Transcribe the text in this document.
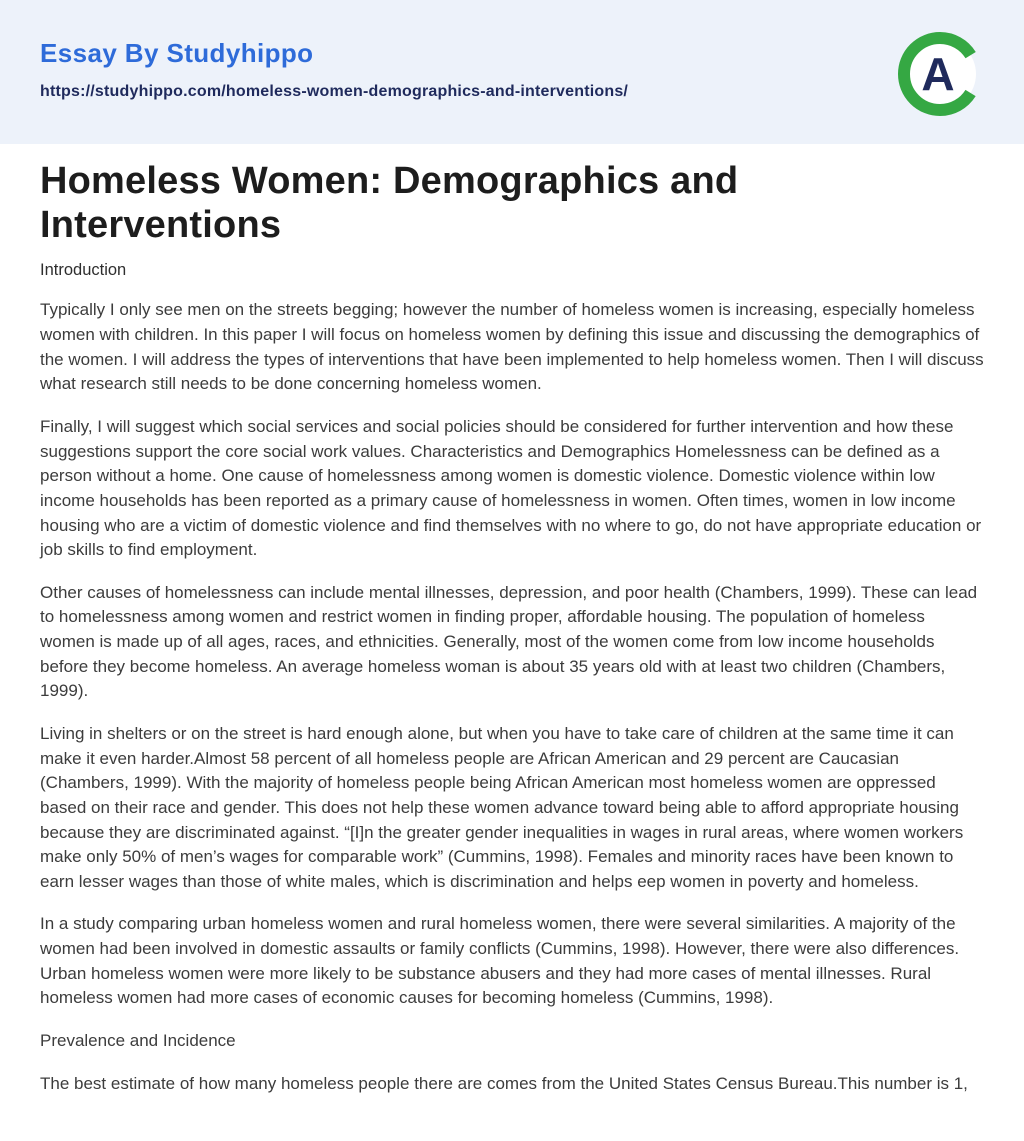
Essay By Studyhippo
https://studyhippo.com/homeless-women-demographics-and-interventions/	A
Homeless Women: Demographics and Interventions

Introduction

Typically I only see men on the streets begging; however the number of homeless women is increasing, especially homeless women with children. In this paper I will focus on homeless women by defining this issue and discussing the demographics of the women. I will address the types of interventions that have been implemented to help homeless women. Then I will discuss what research still needs to be done concerning homeless women.

Finally, I will suggest which social services and social policies should be considered for further intervention and how these suggestions support the core social work values. Characteristics and Demographics Homelessness can be defined as a person without a home. One cause of homelessness among women is domestic violence. Domestic violence within low income households has been reported as a primary cause of homelessness in women. Often times, women in low income housing who are a victim of domestic violence and find themselves with no where to go, do not have appropriate education or job skills to find employment.

Other causes of homelessness can include mental illnesses, depression, and poor health (Chambers, 1999). These can lead to homelessness among women and restrict women in finding proper, affordable housing. The population of homeless women is made up of all ages, races, and ethnicities. Generally, most of the women come from low income households before they become homeless. An average homeless woman is about 35 years old with at least two children (Chambers, 1999).

Living in shelters or on the street is hard enough alone, but when you have to take care of children at the same time it can make it even harder.Almost 58 percent of all homeless people are African American and 29 percent are Caucasian (Chambers, 1999). With the majority of homeless people being African American most homeless women are oppressed based on their race and gender. This does not help these women advance toward being able to afford appropriate housing because they are discriminated against. “[I]n the greater gender inequalities in wages in rural areas, where women workers make only 50% of men’s wages for comparable work” (Cummins, 1998). Females and minority races have been known to earn lesser wages than those of white males, which is discrimination and helps eep women in poverty and homeless.

In a study comparing urban homeless women and rural homeless women, there were several similarities. A majority of the women had been involved in domestic assaults or family conflicts (Cummins, 1998). However, there were also differences. Urban homeless women were more likely to be substance abusers and they had more cases of mental illnesses. Rural homeless women had more cases of economic causes for becoming homeless (Cummins, 1998).

Prevalence and Incidence

The best estimate of how many homeless people there are comes from the United States Census Bureau.This number is 1,
